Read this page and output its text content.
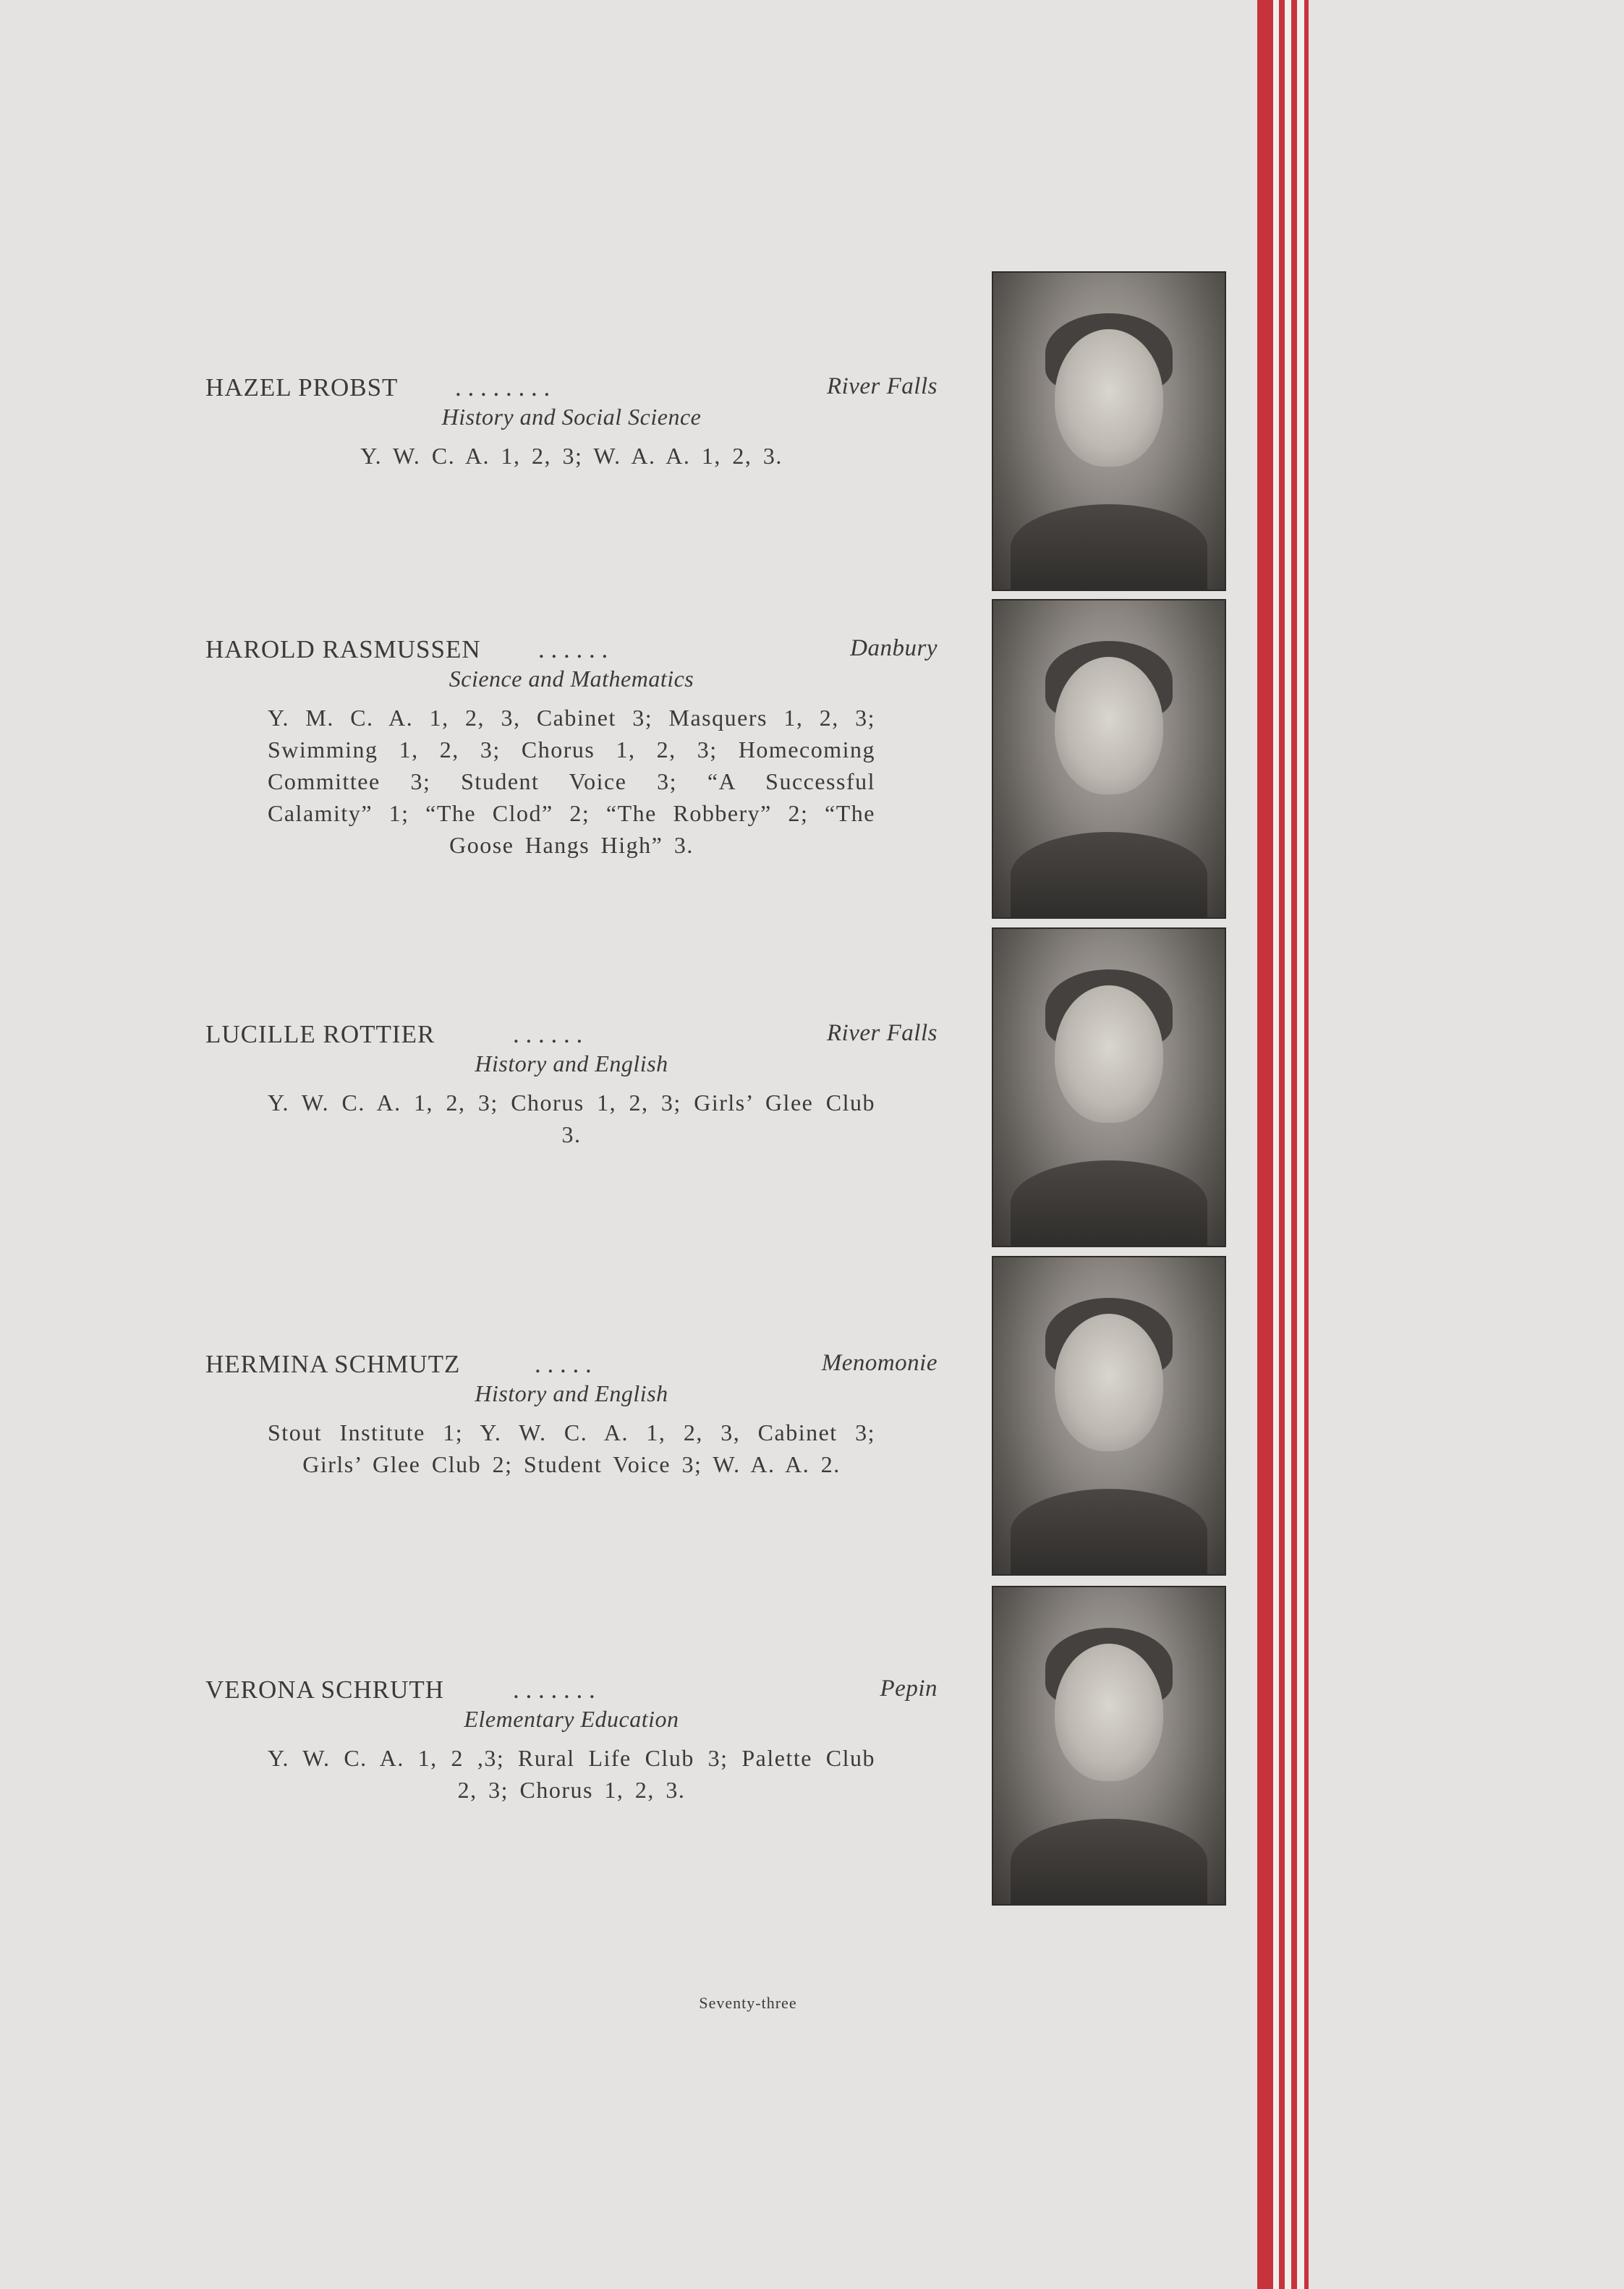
HAZEL PROBST . . . . . . . .	River Falls
History and Social Science
Y. W. C. A. 1, 2, 3; W. A. A. 1, 2, 3.
HAROLD RASMUSSEN . . . . . .	Danbury
Science and Mathematics
Y. M. C. A. 1, 2, 3, Cabinet 3; Masquers 1, 2, 3; Swimming 1, 2, 3; Chorus 1, 2, 3; Homecoming Committee 3; Student Voice 3; “A Successful Calamity” 1; “The Clod” 2; “The Robbery” 2; “The Goose Hangs High” 3.
LUCILLE ROTTIER	. . . . . .	River Falls
History and English
Y. W. C. A. 1, 2, 3; Chorus 1, 2, 3; Girls’ Glee Club 3.
HERMINA SCHMUTZ	. . . . .	Menomonie
History and English
Stout Institute 1; Y. W. C. A. 1, 2, 3, Cabinet 3; Girls’ Glee Club 2; Student Voice 3; W. A. A. 2.
VERONA SCHRUTH	. . . . . . .	Pepin
Elementary Education
Y. W. C. A. 1, 2 ,3; Rural Life Club 3; Palette Club 2, 3; Chorus 1, 2, 3.
Seventy-three
